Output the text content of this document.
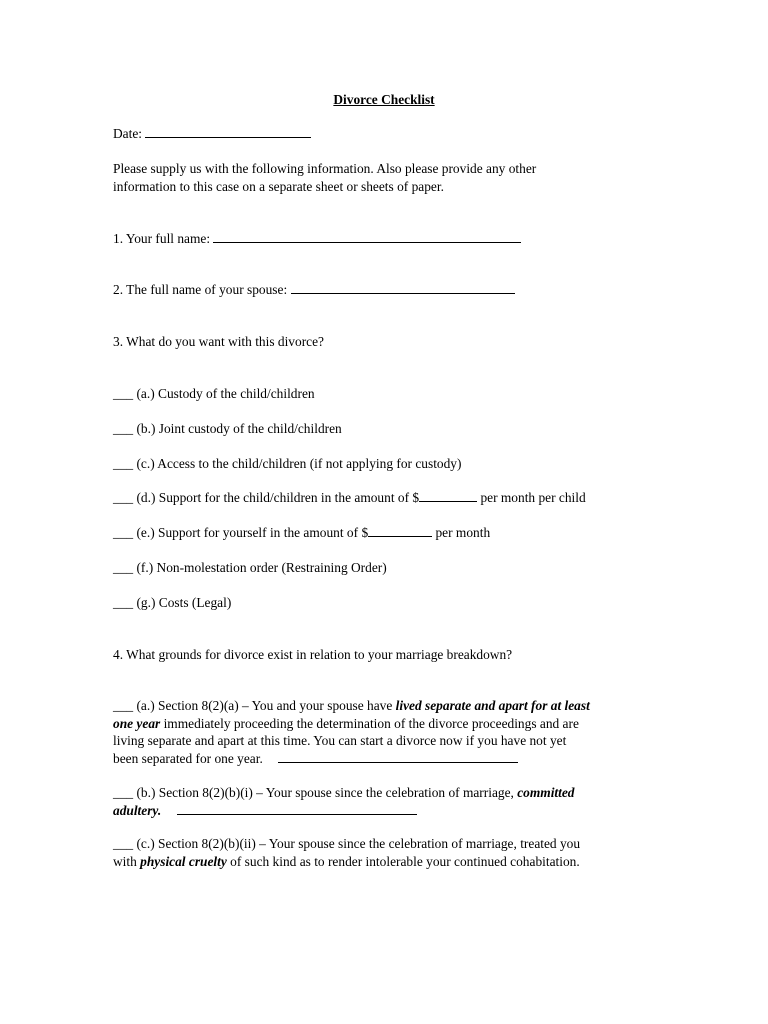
Divorce Checklist
Date:
Please supply us with the following information. Also please provide any other
information to this case on a separate sheet or sheets of paper.
1. Your full name:
2. The full name of your spouse:
3. What do you want with this divorce?
___ (a.) Custody of the child/children
___ (b.) Joint custody of the child/children
___ (c.) Access to the child/children (if not applying for custody)
___ (d.) Support for the child/children in the amount of $	per month per child
___ (e.) Support for yourself in the amount of $	per month
___ (f.) Non-molestation order (Restraining Order)
___ (g.) Costs (Legal)
4. What grounds for divorce exist in relation to your marriage breakdown?
___ (a.) Section 8(2)(a) – You and your spouse have lived separate and apart for at least
one year immediately proceeding the determination of the divorce proceedings and are
living separate and apart at this time. You can start a divorce now if you have not yet
been separated for one year.
___ (b.) Section 8(2)(b)(i) – Your spouse since the celebration of marriage, committed
adultery.
___ (c.) Section 8(2)(b)(ii) – Your spouse since the celebration of marriage, treated you
with physical cruelty of such kind as to render intolerable your continued cohabitation.
